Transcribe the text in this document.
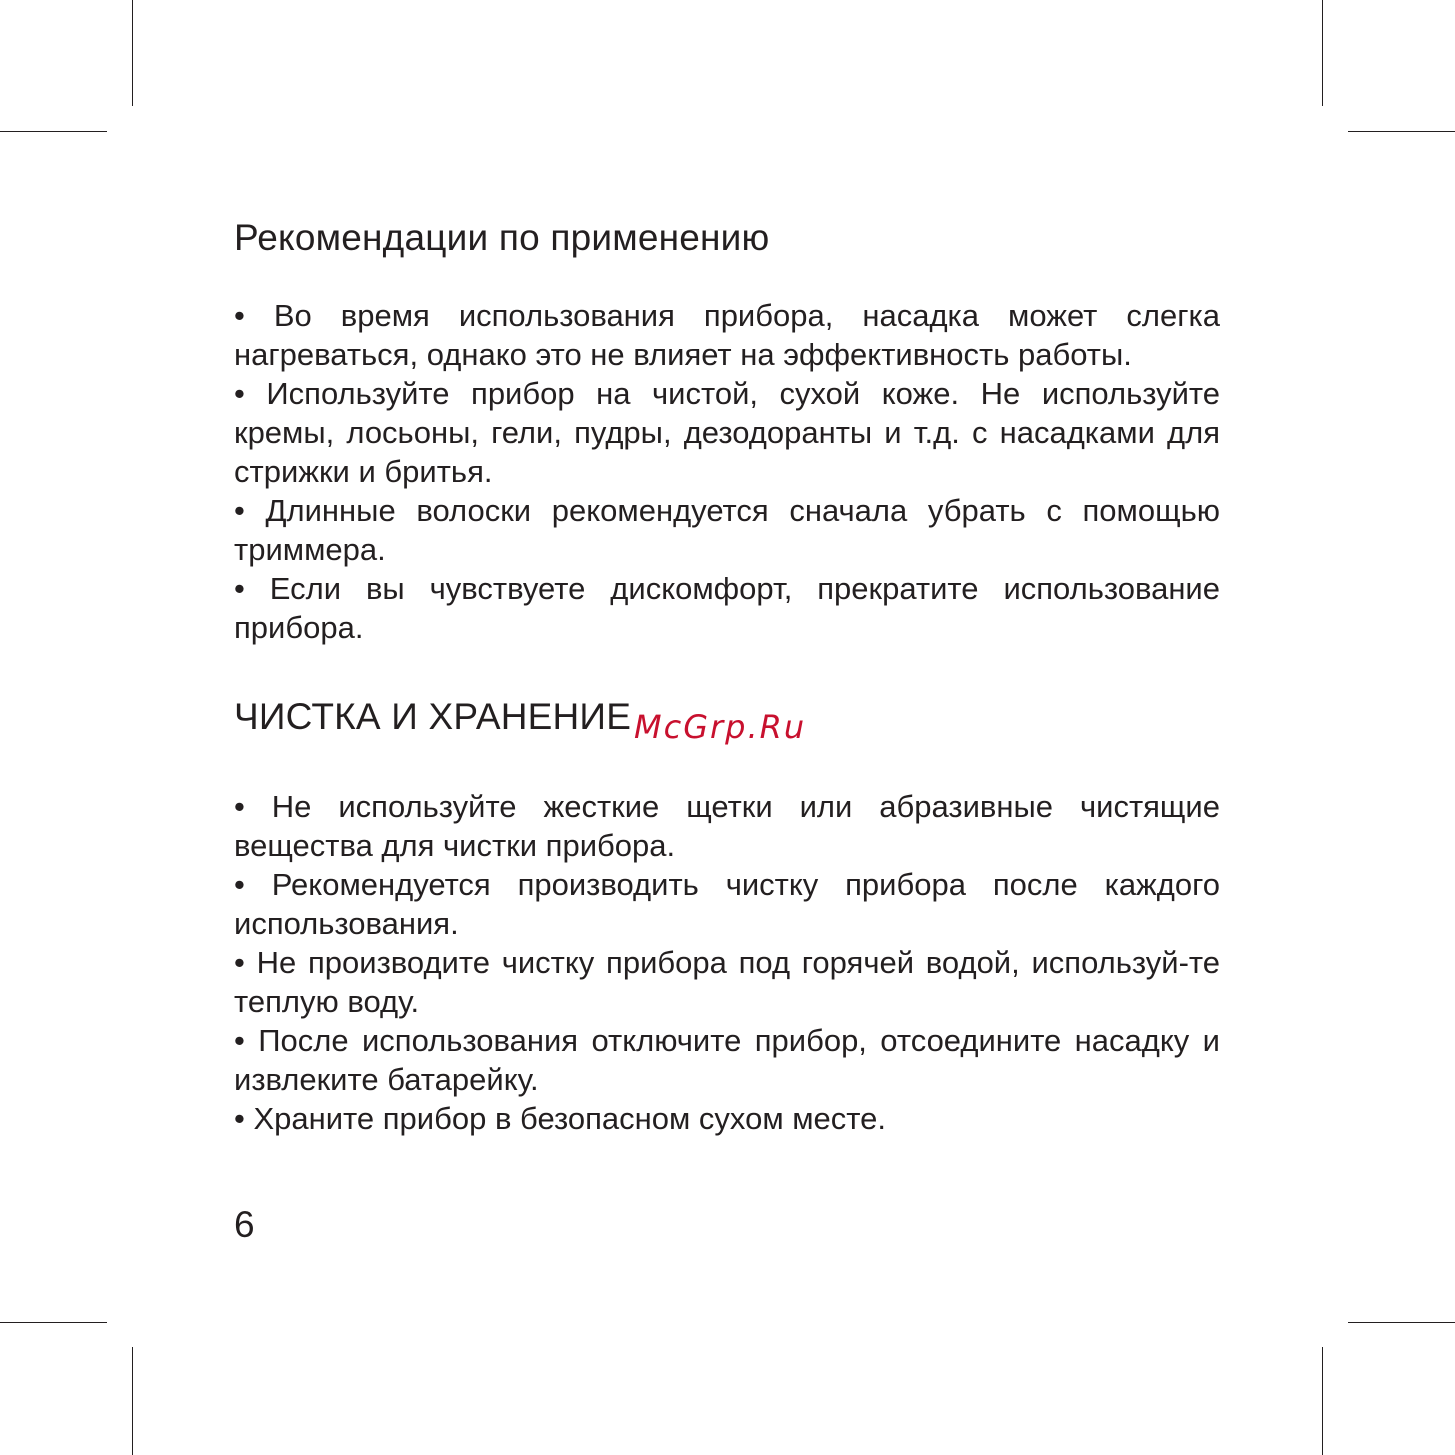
Рекомендации по применению

• Во время использования прибора, насадка может слегка нагреваться, однако это не влияет на эффективность работы.

• Используйте прибор на чистой, сухой коже. Не используйте кремы, лосьоны, гели, пудры, дезодоранты и т.д. с насадками для стрижки и бритья.

• Длинные волоски рекомендуется сначала убрать с помощью триммера.

• Если вы чувствуете дискомфорт, прекратите использование прибора.

ЧИСТКА И ХРАНЕНИЕ

• Не используйте жесткие щетки или абразивные чистящие вещества для чистки прибора.

• Рекомендуется производить чистку прибора после каждого использования.

• Не производите чистку прибора под горячей водой, используй-те теплую воду.

• После использования отключите прибор, отсоедините насадку и извлеките батарейку.

• Храните прибор в безопасном сухом месте.

McGrp.Ru
6
